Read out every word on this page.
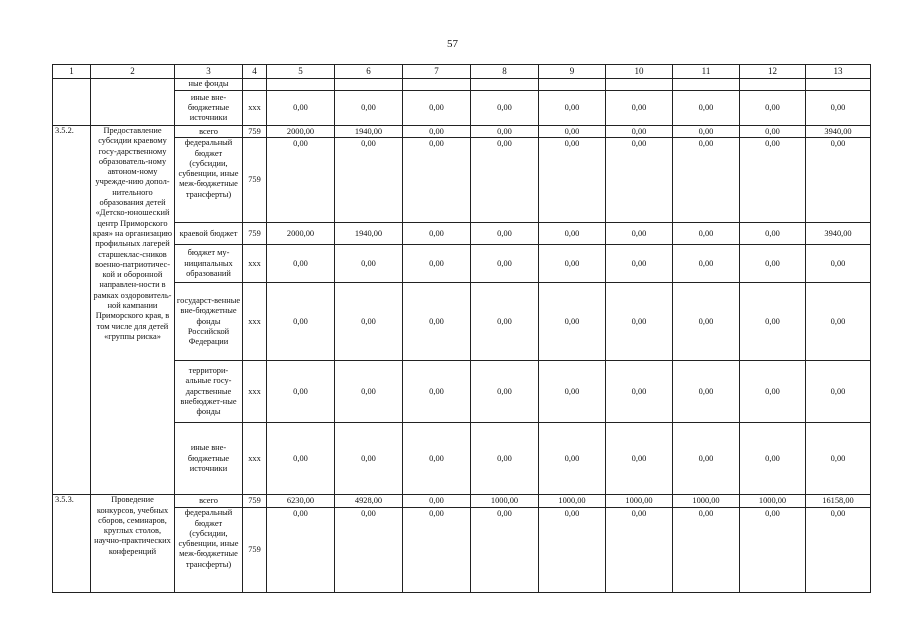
57
1	2	3	4	5	6	7	8	9	10	11	12	13
		ные фонды										
		иные вне-бюджетные источники	ххх	0,00	0,00	0,00	0,00	0,00	0,00	0,00	0,00	0,00
3.5.2.	Предоставление субсидии краевому госу-дарственному образователь-ному автоном-ному учрежде-нию допол-нительного образования детей «Детско-юношеский центр Приморского края» на организацию профильных лагерей старшеклас-сников военно-патриотичес-кой и оборонной направлен-ности в рамках оздоровитель-ной кампании Приморского края, в том числе для детей «группы риска»	всего	759	2000,00	1940,00	0,00	0,00	0,00	0,00	0,00	0,00	3940,00
		федеральный бюджет (субсидии, субвенции, иные меж-бюджетные трансферты)	759	0,00	0,00	0,00	0,00	0,00	0,00	0,00	0,00	0,00
		краевой бюджет	759	2000,00	1940,00	0,00	0,00	0,00	0,00	0,00	0,00	3940,00
		бюджет му-ниципальных образований	ххх	0,00	0,00	0,00	0,00	0,00	0,00	0,00	0,00	0,00
		государст-венные вне-бюджетные фонды Российской Федерации	ххх	0,00	0,00	0,00	0,00	0,00	0,00	0,00	0,00	0,00
		территори-альные госу-дарственные внебюджет-ные фонды	ххх	0,00	0,00	0,00	0,00	0,00	0,00	0,00	0,00	0,00
		иные вне-бюджетные источники	ххх	0,00	0,00	0,00	0,00	0,00	0,00	0,00	0,00	0,00
3.5.3.	Проведение конкурсов, учебных сборов, семинаров, круглых столов, научно-практических конференций	всего	759	6230,00	4928,00	0,00	1000,00	1000,00	1000,00	1000,00	1000,00	16158,00
		федеральный бюджет (субсидии, субвенции, иные меж-бюджетные трансферты)	759	0,00	0,00	0,00	0,00	0,00	0,00	0,00	0,00	0,00
